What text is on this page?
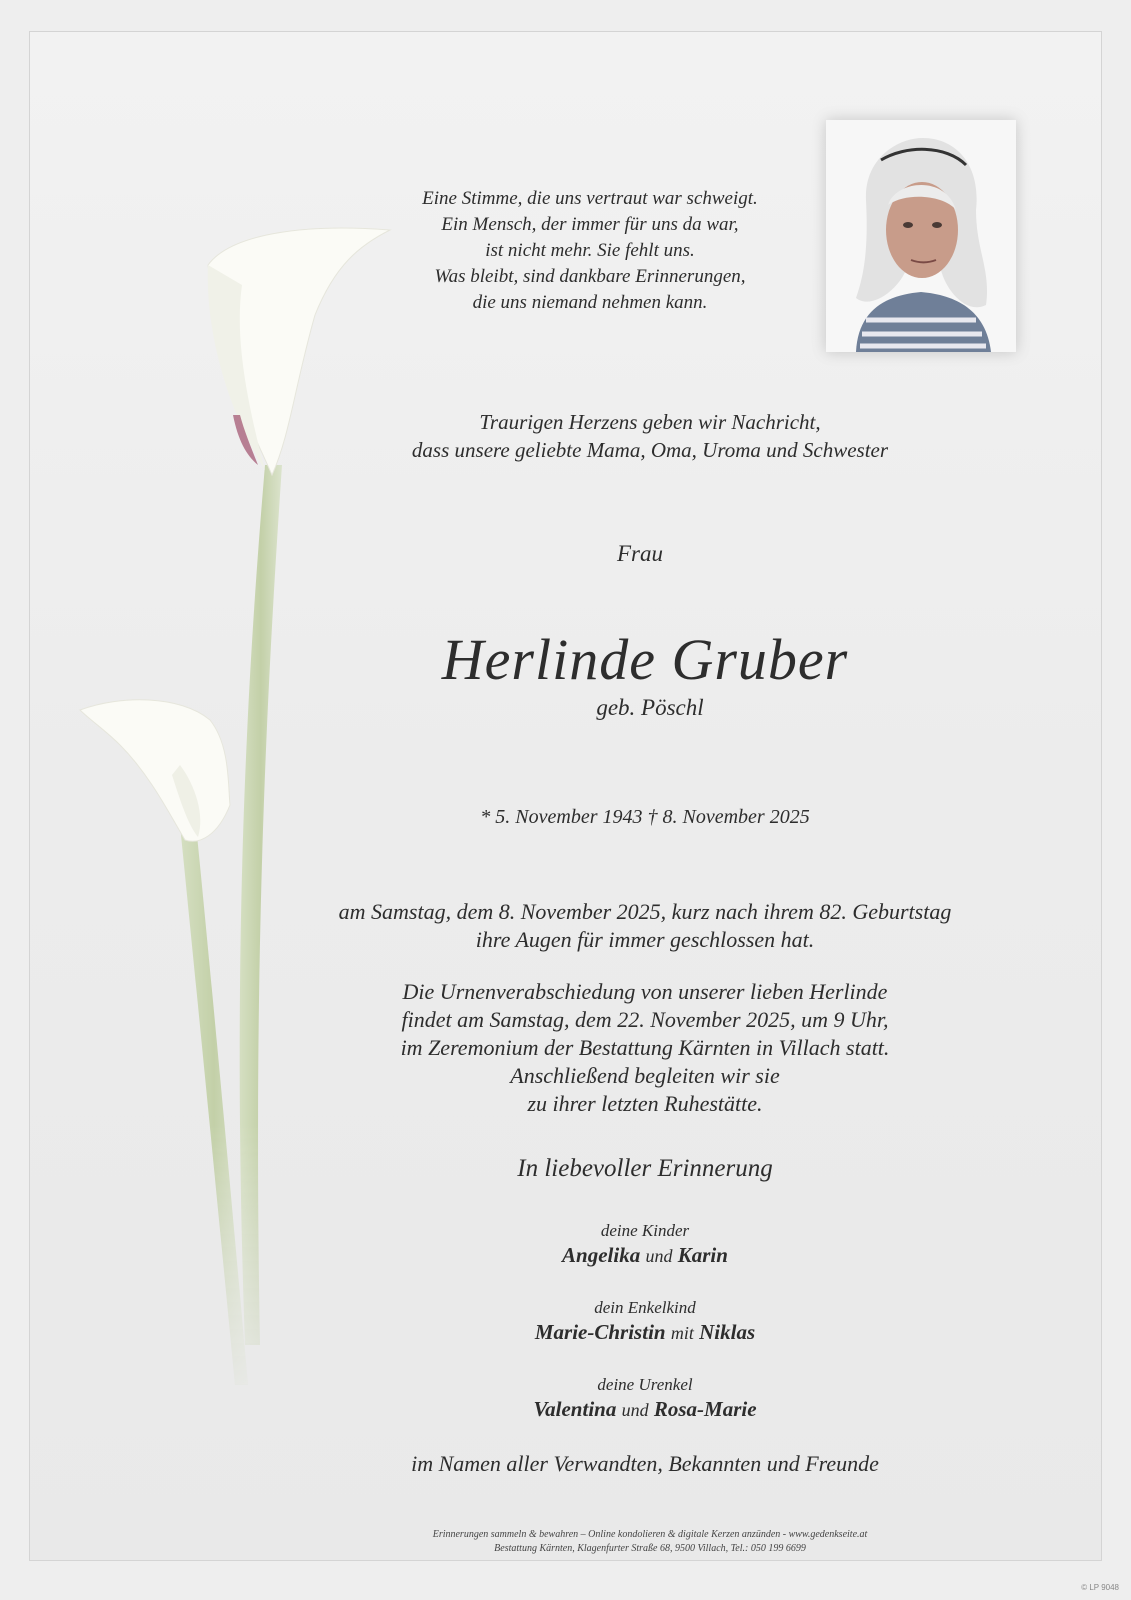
Eine Stimme, die uns vertraut war schweigt.
Ein Mensch, der immer für uns da war,
ist nicht mehr. Sie fehlt uns.
Was bleibt, sind dankbare Erinnerungen,
die uns niemand nehmen kann.
Traurigen Herzens geben wir Nachricht,
dass unsere geliebte Mama, Oma, Uroma und Schwester
Frau
Herlinde Gruber
geb. Pöschl
* 5. November 1943 † 8. November 2025
am Samstag, dem 8. November 2025, kurz nach ihrem 82. Geburtstag
ihre Augen für immer geschlossen hat.
Die Urnenverabschiedung von unserer lieben Herlinde
findet am Samstag, dem 22. November 2025, um 9 Uhr,
im Zeremonium der Bestattung Kärnten in Villach statt.
Anschließend begleiten wir sie
zu ihrer letzten Ruhestätte.
In liebevoller Erinnerung
deine Kinder
Angelika und Karin
dein Enkelkind
Marie-Christin mit Niklas
deine Urenkel
Valentina und Rosa-Marie
im Namen aller Verwandten, Bekannten und Freunde
Erinnerungen sammeln & bewahren – Online kondolieren & digitale Kerzen anzünden - www.gedenkseite.at
Bestattung Kärnten, Klagenfurter Straße 68, 9500 Villach, Tel.: 050 199 6699
© LP 9048
